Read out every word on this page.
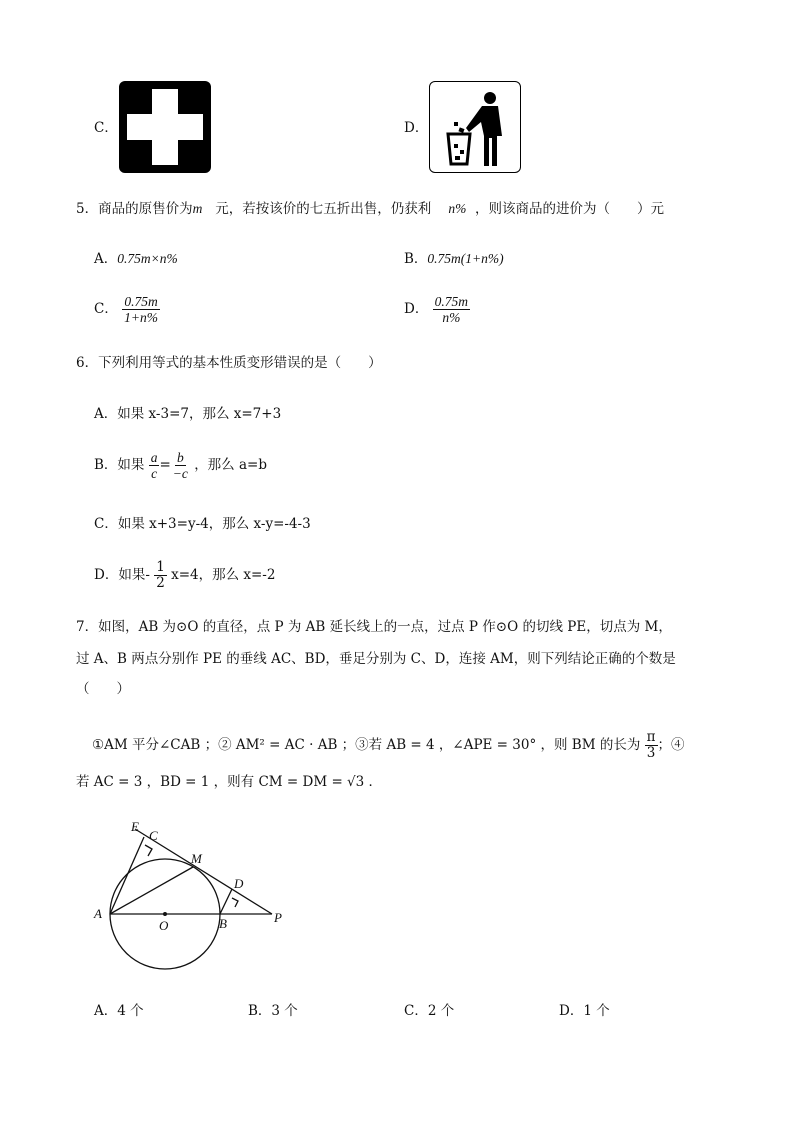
C．	D．
5．商品的原售价为m 元，若按该价的七五折出售，仍获利 n% ，则该商品的进价为（　　）元
A．0.75m×n%	B．0.75m(1+n%)
C． $\frac{0.75m}{1+n\%}$	D． $\frac{0.75m}{n\%}$
6．下列利用等式的基本性质变形错误的是（　　）
A．如果 x-3=7，那么 x=7+3
B．如果 $\frac{a}{c} = \frac{b}{-c}$ ，那么 a=b
C．如果 x+3=y-4，那么 x-y=-4-3
D．如果- $\frac{1}{2} x=4$，那么 x=-2
7．如图，AB 为⊙O 的直径，点 P 为 AB 延长线上的一点，过点 P 作⊙O 的切线 PE，切点为 M，
过 A、B 两点分别作 PE 的垂线 AC、BD，垂足分别为 C、D，连接 AM，则下列结论正确的个数是
（　　）
①AM 平分∠CAB ；② AM² = AC · AB ；③若 AB = 4 ，∠APE = 30° ，则 BM 的长为 $\frac{\pi}{3}$ ；④
若 AC = 3 ，BD = 1 ，则有 CM = DM = √3 ．
E
C
M
D
A
O	B	P
A．4 个	B．3 个	C．2 个	D．1 个
